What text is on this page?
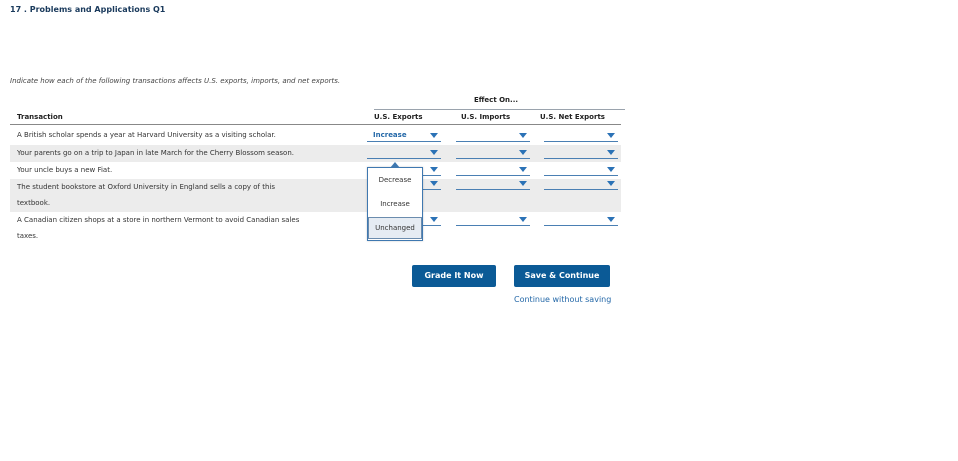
17 . Problems and Applications Q1
Indicate how each of the following transactions affects U.S. exports, imports, and net exports.
Effect On...
Transaction	U.S. Exports	U.S. Imports	U.S. Net Exports
A British scholar spends a year at Harvard University as a visiting scholar.	Increase
Your parents go on a trip to Japan in late March for the Cherry Blossom season.
Your uncle buys a new Fiat.
The student bookstore at Oxford University in England sells a copy of this
textbook.
A Canadian citizen shops at a store in northern Vermont to avoid Canadian sales
taxes.
Decrease
Increase
Unchanged
Grade It Now	Save & Continue
Continue without saving
